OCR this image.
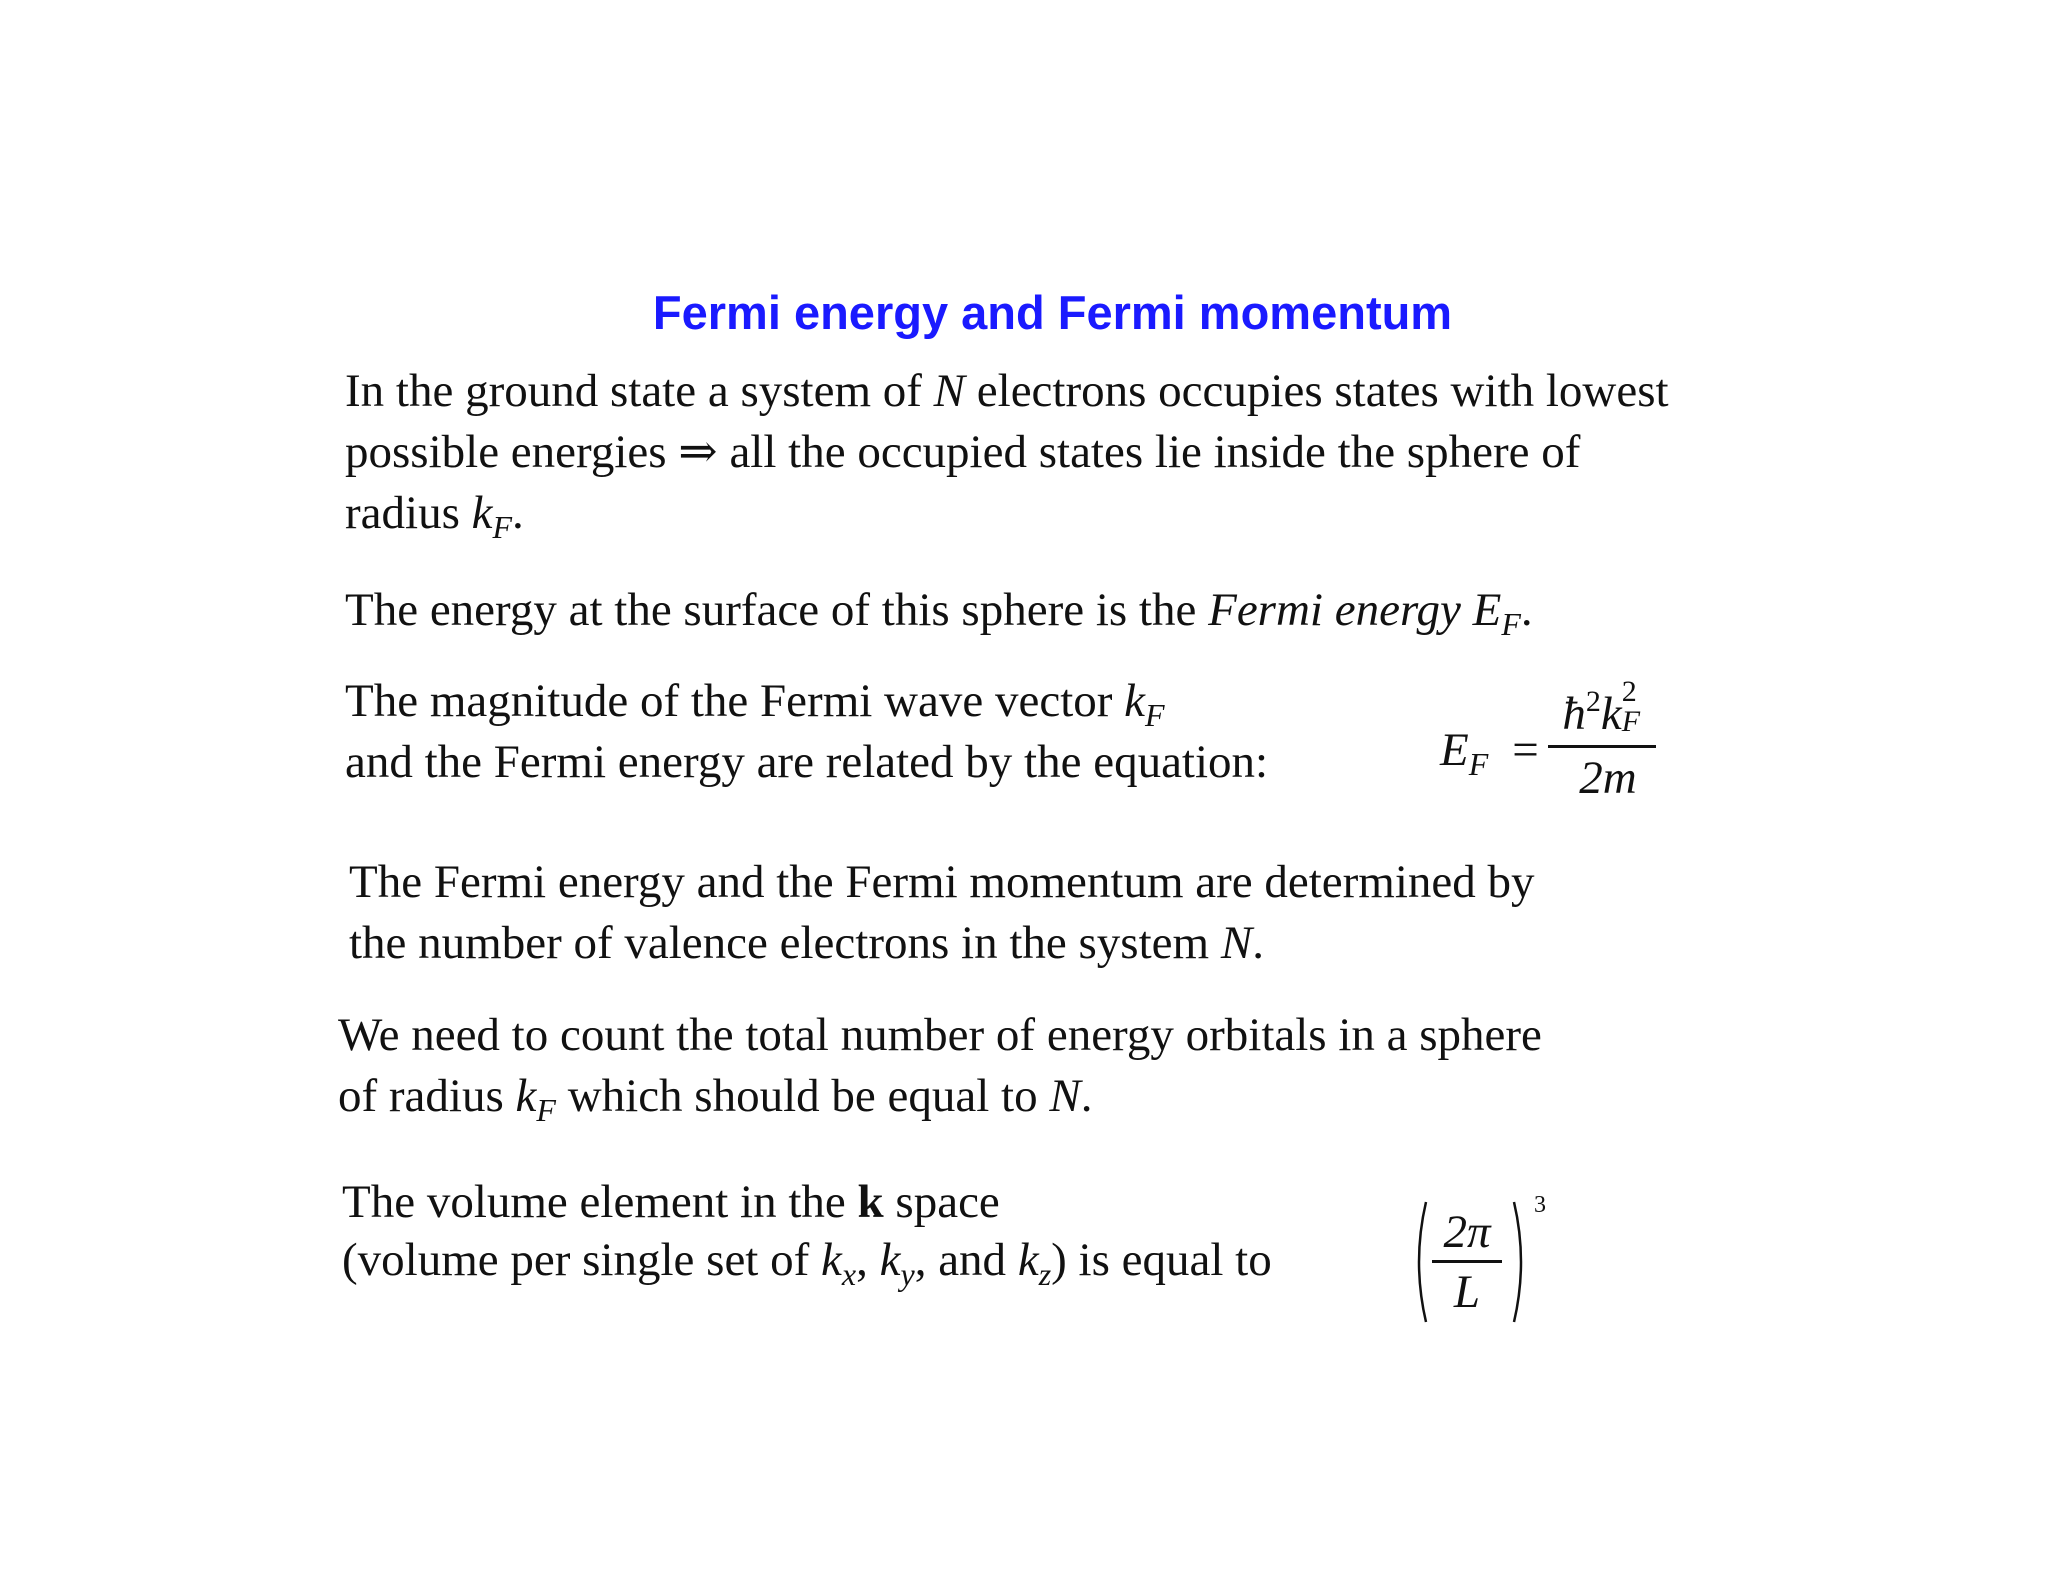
Fermi energy and Fermi momentum
In the ground state a system of N electrons occupies states with lowest
possible energies ⇒ all the occupied states lie inside the sphere of
radius $k_F$.
The energy at the surface of this sphere is the Fermi energy $E_F$.
The magnitude of the Fermi wave vector $k_F$
and the Fermi energy are related by the equation:	$E_F$ =
$ħ^2k$ 2
F
2m
The Fermi energy and the Fermi momentum are determined by
the number of valence electrons in the system N.
We need to count the total number of energy orbitals in a sphere
of radius $k_F$ which should be equal to N.
The volume element in the k space
(volume per single set of $k_x$, $k_y$, and $k_z$) is equal to
2π
L
3
